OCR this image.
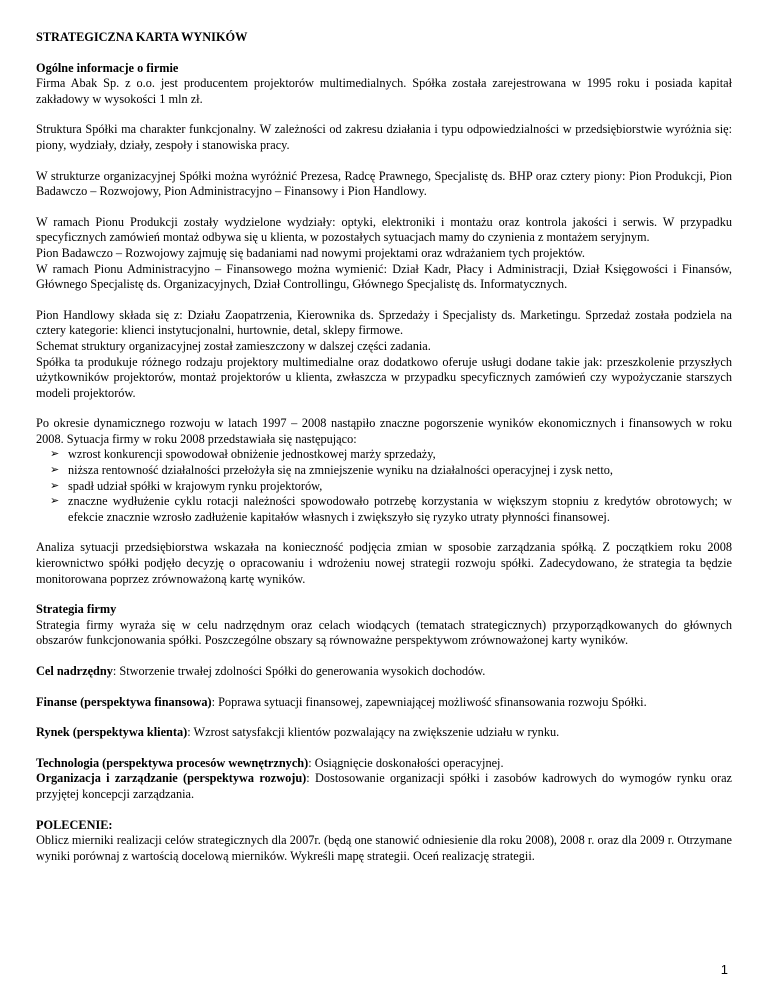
STRATEGICZNA KARTA WYNIKÓW

Ogólne informacje o firmie
Firma Abak Sp. z o.o. jest producentem projektorów multimedialnych. Spółka została zarejestrowana w 1995 roku i posiada kapitał zakładowy w wysokości 1 mln zł.

Struktura Spółki ma charakter funkcjonalny. W zależności od zakresu działania i typu odpowiedzialności w przedsiębiorstwie wyróżnia się: piony, wydziały, działy, zespoły i stanowiska pracy.

W strukturze organizacyjnej Spółki można wyróżnić Prezesa, Radcę Prawnego, Specjalistę ds. BHP oraz cztery piony: Pion Produkcji, Pion Badawczo – Rozwojowy, Pion Administracyjno – Finansowy i Pion Handlowy.

W ramach Pionu Produkcji zostały wydzielone wydziały: optyki, elektroniki i montażu oraz kontrola jakości i serwis. W przypadku specyficznych zamówień montaż odbywa się u klienta, w pozostałych sytuacjach mamy do czynienia z montażem seryjnym.
Pion Badawczo – Rozwojowy zajmuję się badaniami nad nowymi projektami oraz wdrażaniem tych projektów.
W ramach Pionu Administracyjno – Finansowego można wymienić: Dział Kadr, Płacy i Administracji, Dział Księgowości i Finansów, Głównego Specjalistę ds. Organizacyjnych, Dział Controllingu, Głównego Specjalistę ds. Informatycznych.

Pion Handlowy składa się z: Działu Zaopatrzenia, Kierownika ds. Sprzedaży i Specjalisty ds. Marketingu. Sprzedaż została podziela na cztery kategorie: klienci instytucjonalni, hurtownie, detal, sklepy firmowe.
Schemat struktury organizacyjnej został zamieszczony w dalszej części zadania.
Spółka ta produkuje różnego rodzaju projektory multimedialne oraz dodatkowo oferuje usługi dodane takie jak: przeszkolenie przyszłych użytkowników projektorów, montaż projektorów u klienta, zwłaszcza w przypadku specyficznych zamówień czy wypożyczanie starszych modeli projektorów.

Po okresie dynamicznego rozwoju w latach 1997 – 2008 nastąpiło znaczne pogorszenie wyników ekonomicznych i finansowych w roku 2008. Sytuacja firmy w roku 2008 przedstawiała się następująco:

➢ wzrost konkurencji spowodował obniżenie jednostkowej marży sprzedaży,
➢ niższa rentowność działalności przełożyła się na zmniejszenie wyniku na działalności operacyjnej i zysk netto,
➢ spadł udział spółki w krajowym rynku projektorów,
➢ znaczne wydłużenie cyklu rotacji należności spowodowało potrzebę korzystania w większym stopniu z kredytów obrotowych; w efekcie znacznie wzrosło zadłużenie kapitałów własnych i zwiększyło się ryzyko utraty płynności finansowej.

Analiza sytuacji przedsiębiorstwa wskazała na konieczność podjęcia zmian w sposobie zarządzania spółką. Z początkiem roku 2008 kierownictwo spółki podjęło decyzję o opracowaniu i wdrożeniu nowej strategii rozwoju spółki. Zadecydowano, że strategia ta będzie monitorowana poprzez zrównoważoną kartę wyników.

Strategia firmy
Strategia firmy wyraża się w celu nadrzędnym oraz celach wiodących (tematach strategicznych) przyporządkowanych do głównych obszarów funkcjonowania spółki. Poszczególne obszary są równoważne perspektywom zrównoważonej karty wyników.

Cel nadrzędny: Stworzenie trwałej zdolności Spółki do generowania wysokich dochodów.

Finanse (perspektywa finansowa): Poprawa sytuacji finansowej, zapewniającej możliwość sfinansowania rozwoju Spółki.

Rynek (perspektywa klienta): Wzrost satysfakcji klientów pozwalający na zwiększenie udziału w rynku.

Technologia (perspektywa procesów wewnętrznych): Osiągnięcie doskonałości operacyjnej.
Organizacja i zarządzanie (perspektywa rozwoju): Dostosowanie organizacji spółki i zasobów kadrowych do wymogów rynku oraz przyjętej koncepcji zarządzania.

POLECENIE:
Oblicz mierniki realizacji celów strategicznych dla 2007r. (będą one stanowić odniesienie dla roku 2008), 2008 r. oraz dla 2009 r. Otrzymane wyniki porównaj z wartością docelową mierników. Wykreśli mapę strategii. Oceń realizację strategii.

1
